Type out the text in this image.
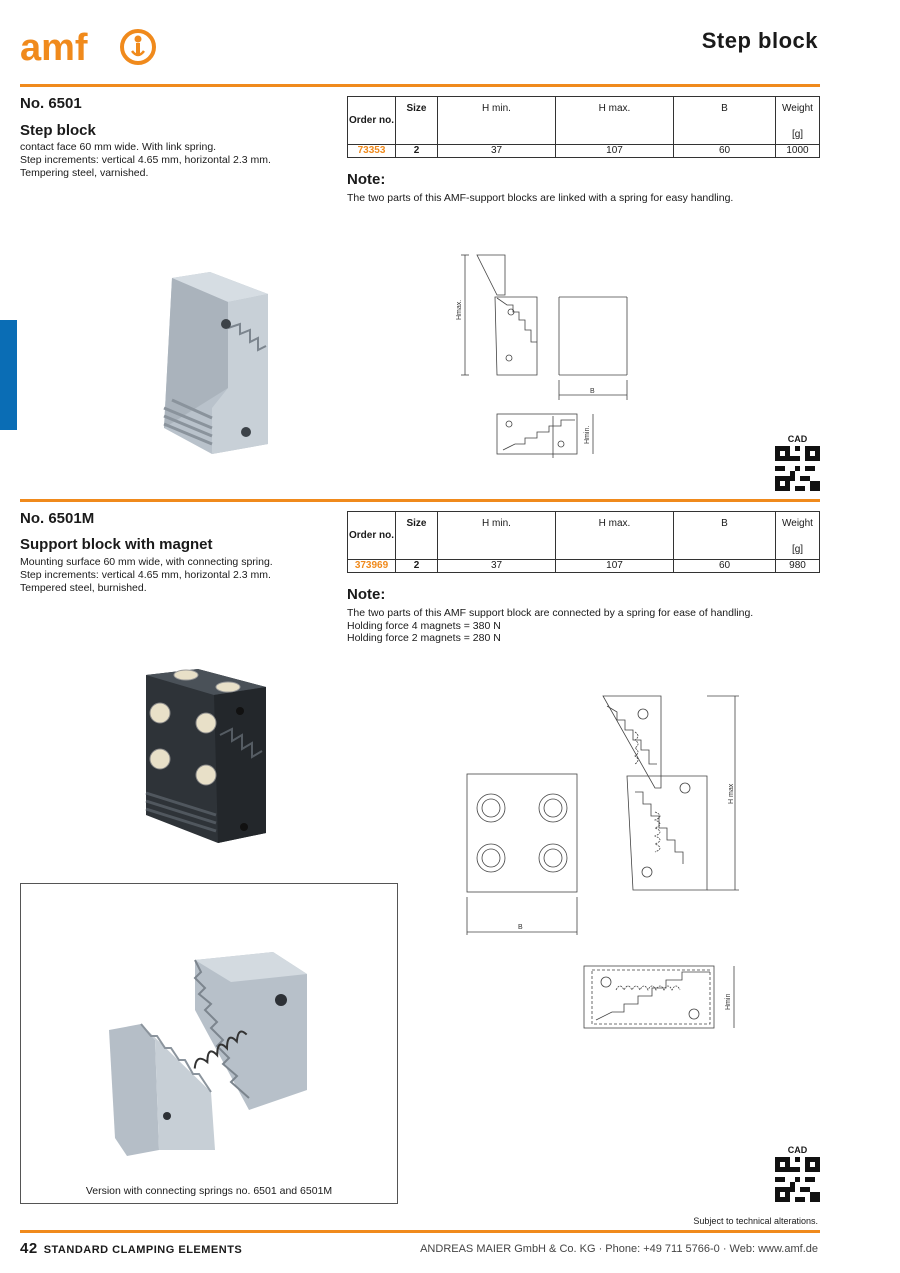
amf	Step block
No. 6501
Step block
contact face 60 mm wide. With link spring.
Step increments: vertical 4.65 mm, horizontal 2.3 mm.
Tempering steel, varnished.
Order no.	Size	H min.	H max.	B	Weight
[g]

73353	2	37	107	60	1000
Note:
The two parts of this AMF-support blocks are linked with a spring for easy handling.
Hmax.
B
Hmin.	CAD
No. 6501M
Support block with magnet
Mounting surface 60 mm wide, with connecting spring.
Step increments: vertical 4.65 mm, horizontal 2.3 mm.
Tempered steel, burnished.
Order no.	Size	H min.	H max.	B	Weight
[g]

373969	2	37	107	60	980
Note:
The two parts of this AMF support block are connected by a spring for ease of handling.
Holding force 4 magnets = 380 N
Holding force 2 magnets = 280 N
B
H max
Hmin
Version with connecting springs no. 6501 and 6501M
CAD
Subject to technical alterations.
42 STANDARD CLAMPING ELEMENTS	ANDREAS MAIER GmbH & Co. KG · Phone: +49 711 5766-0 · Web: www.amf.de
